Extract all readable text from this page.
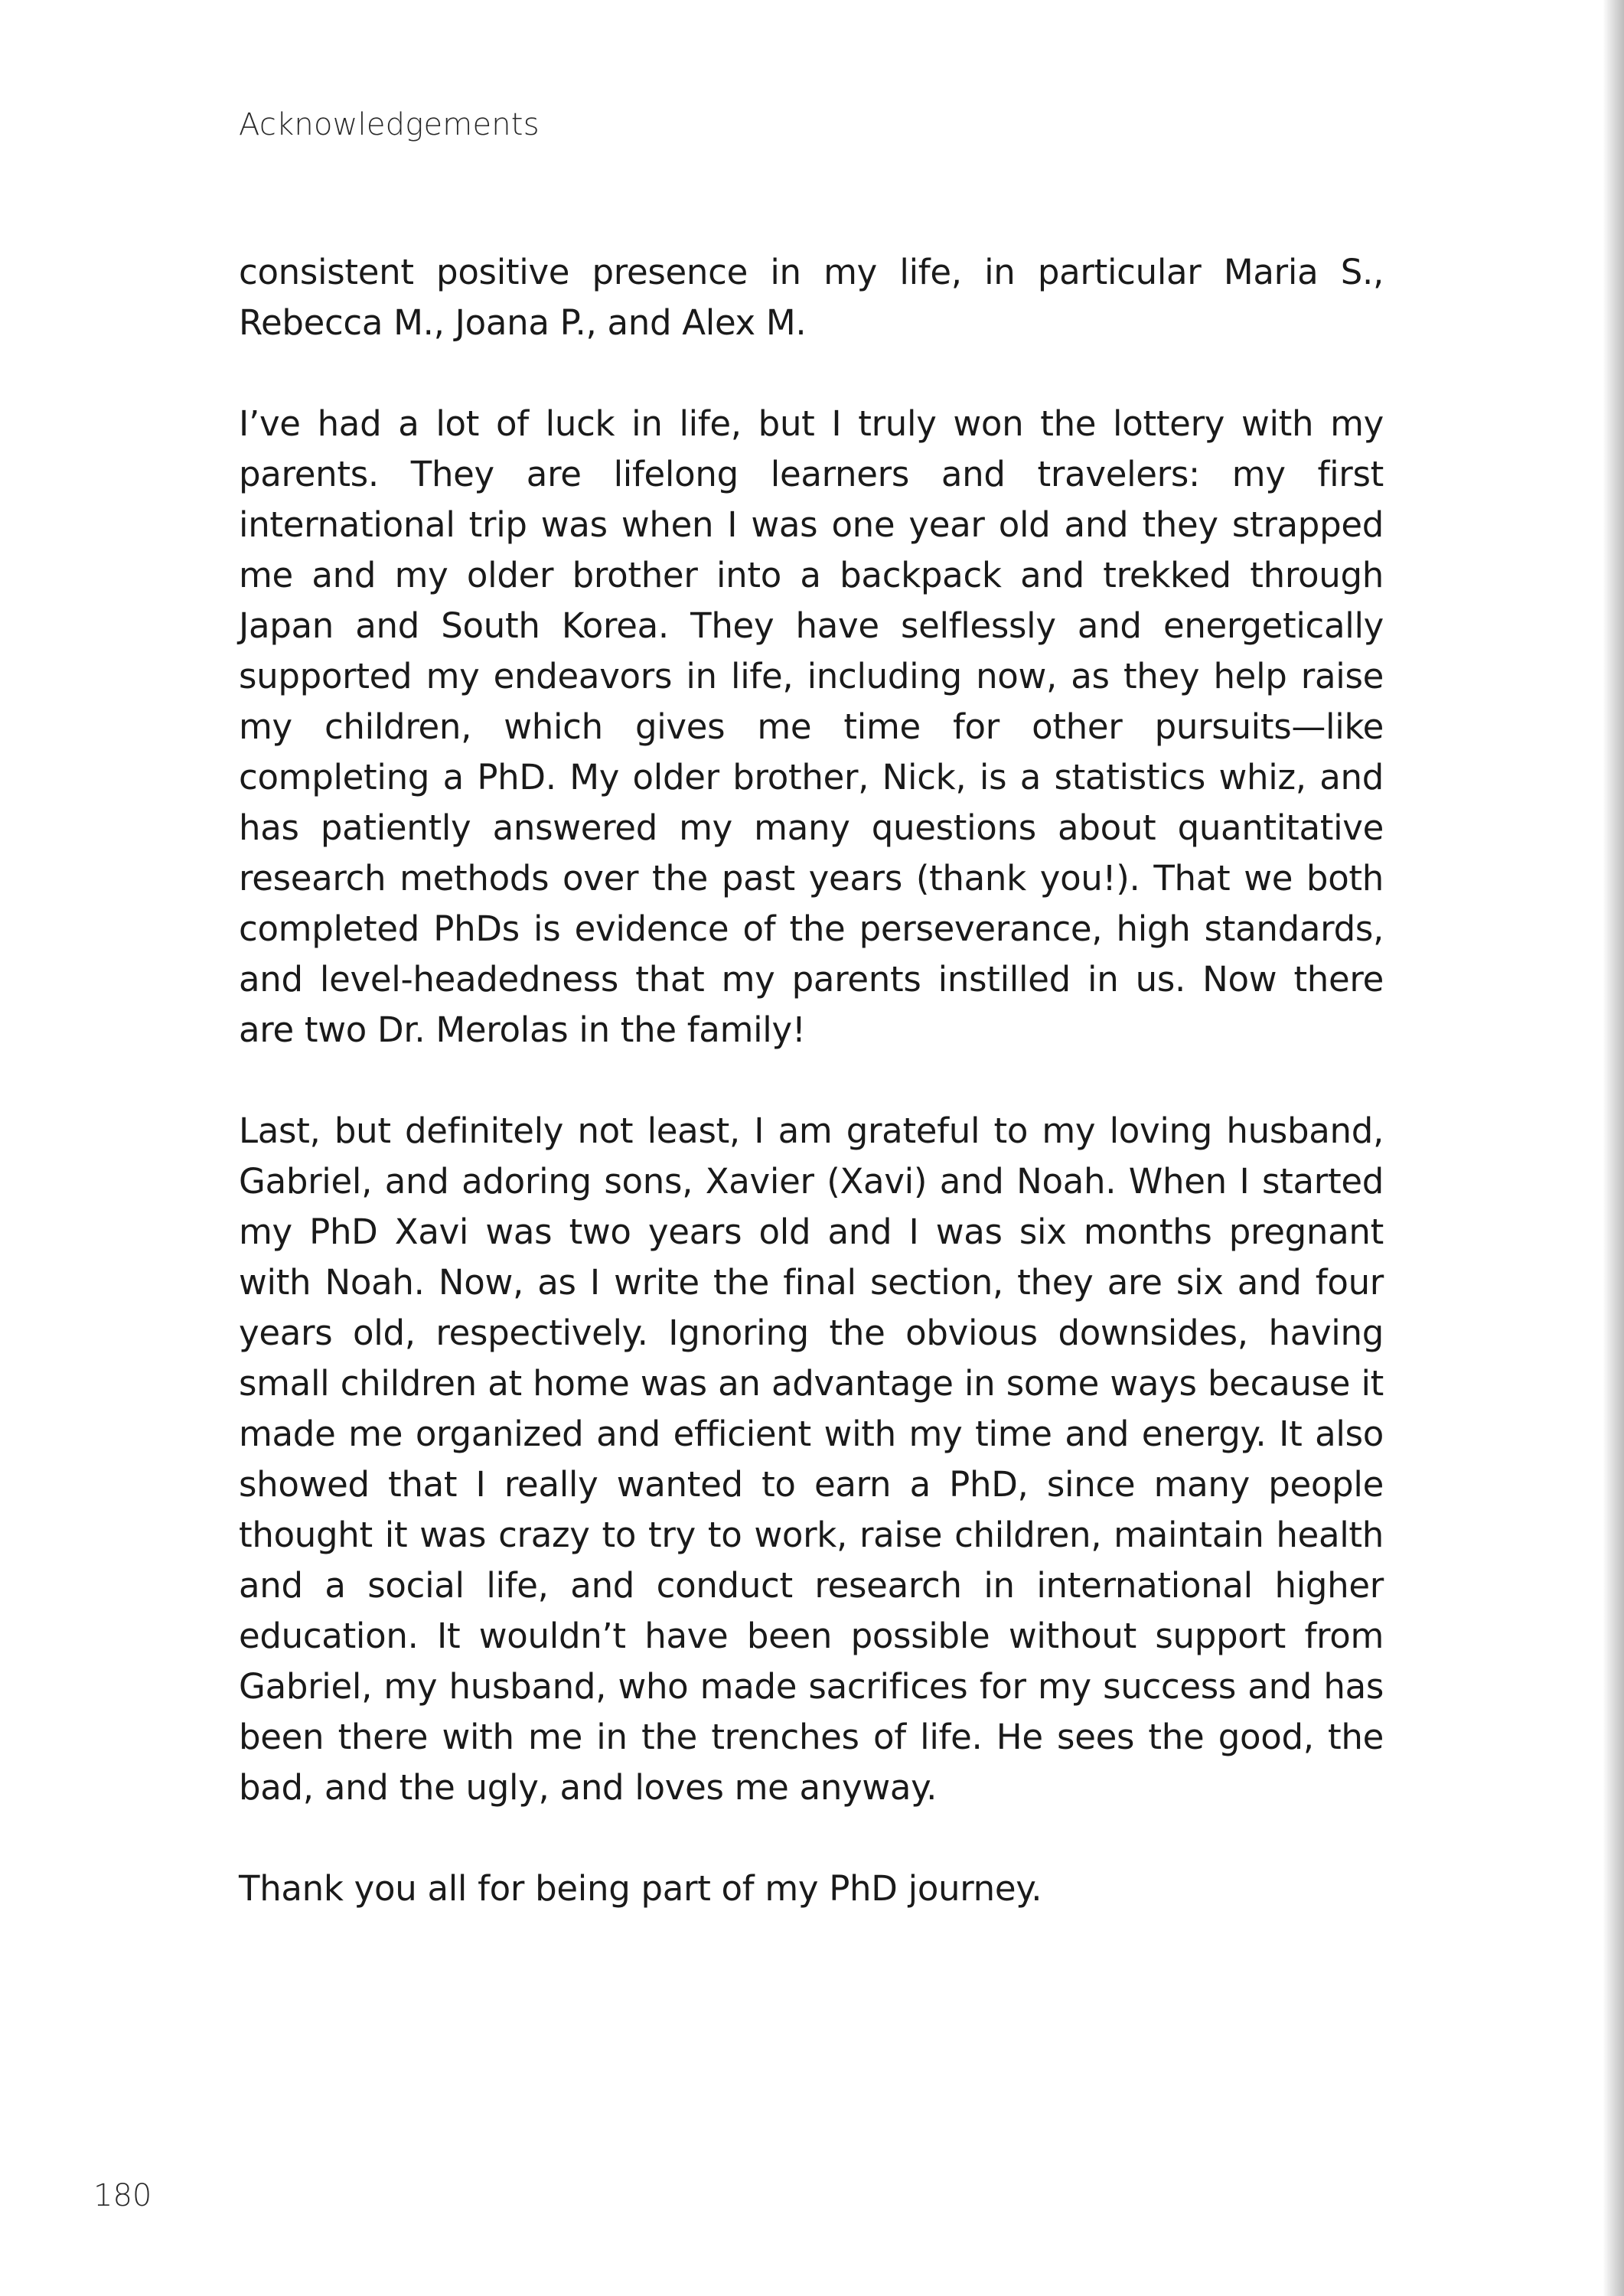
Acknowledgements

consistent positive presence in my life, in particular Maria S., Rebecca M., Joana P., and Alex M.

I’ve had a lot of luck in life, but I truly won the lottery with my parents. They are lifelong learners and travelers: my first international trip was when I was one year old and they strapped me and my older brother into a backpack and trekked through Japan and South Korea. They have selflessly and energetically supported my endeavors in life, including now, as they help raise my children, which gives me time for other pursuits—like completing a PhD. My older brother, Nick, is a statistics whiz, and has patiently answered my many questions about quantitative research methods over the past years (thank you!). That we both completed PhDs is evidence of the perseverance, high standards, and level-headedness that my parents instilled in us. Now there are two Dr. Merolas in the family!

Last, but definitely not least, I am grateful to my loving husband, Gabriel, and adoring sons, Xavier (Xavi) and Noah. When I started my PhD Xavi was two years old and I was six months pregnant with Noah. Now, as I write the final section, they are six and four years old, respectively. Ignoring the obvious downsides, having small children at home was an advantage in some ways because it made me organized and efficient with my time and energy. It also showed that I really wanted to earn a PhD, since many people thought it was crazy to try to work, raise children, maintain health and a social life, and conduct research in international higher education. It wouldn’t have been possible without support from Gabriel, my husband, who made sacrifices for my success and has been there with me in the trenches of life. He sees the good, the bad, and the ugly, and loves me anyway.

Thank you all for being part of my PhD journey.

180
